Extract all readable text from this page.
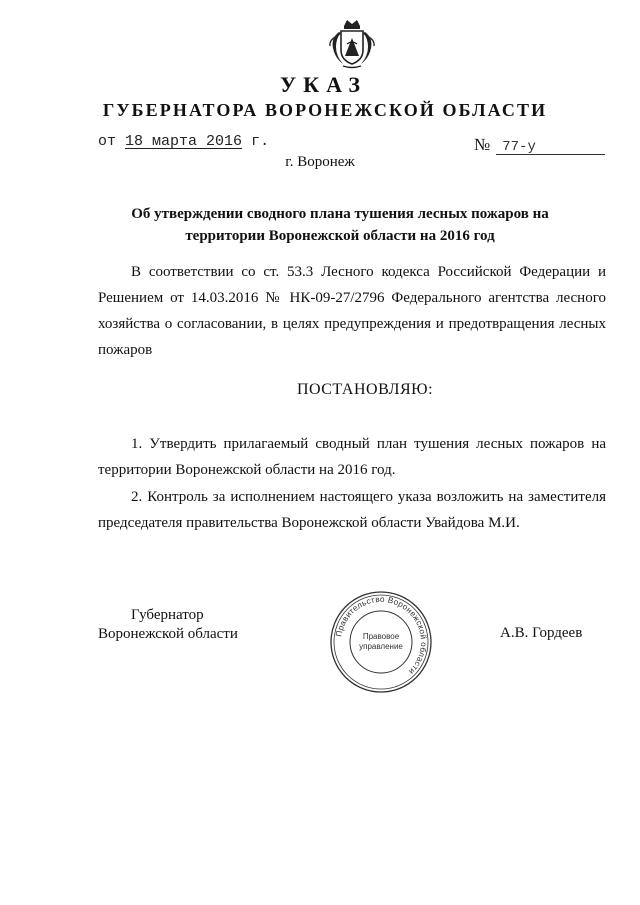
УКАЗ
ГУБЕРНАТОРА ВОРОНЕЖСКОЙ ОБЛАСТИ
от 18 марта 2016 г.	№ 77-у
г. Воронеж
Об утверждении сводного плана тушения лесных пожаров на территории Воронежской области на 2016 год
В соответствии со ст. 53.3 Лесного кодекса Российской Федерации и Решением от 14.03.2016 № НК-09-27/2796 Федерального агентства лесного хозяйства о согласовании, в целях предупреждения и предотвращения лесных пожаров
ПОСТАНОВЛЯЮ:
1. Утвердить прилагаемый сводный план тушения лесных пожаров на территории Воронежской области на 2016 год.
2. Контроль за исполнением настоящего указа возложить на заместителя председателя правительства Воронежской области Увайдова М.И.
Губернатор
Воронежской области	Правительство Воронежской области
Правовое
управление
А.В. Гордеев
